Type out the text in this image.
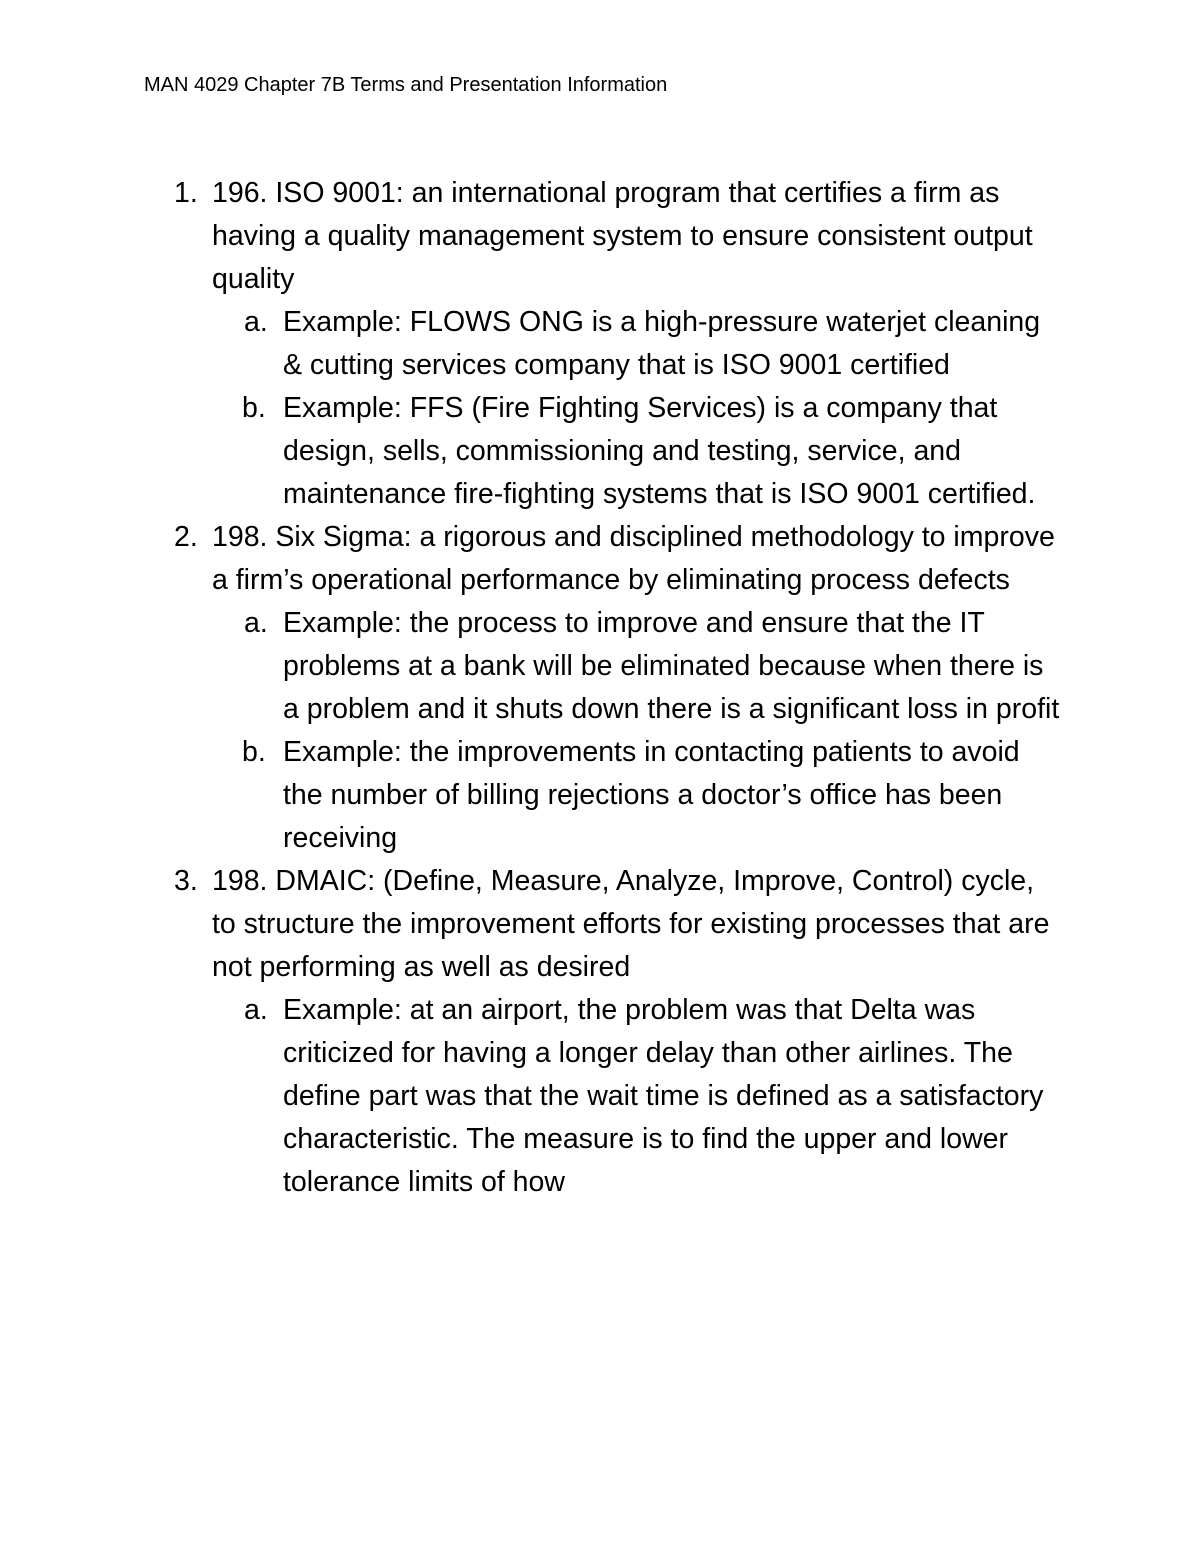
MAN 4029 Chapter 7B Terms and Presentation Information
1. 196. ISO 9001: an international program that certifies a firm as having a quality management system to ensure consistent output quality
a. Example: FLOWS ONG is a high-pressure waterjet cleaning & cutting services company that is ISO 9001 certified
b. Example: FFS (Fire Fighting Services) is a company that design, sells, commissioning and testing, service, and maintenance fire-fighting systems that is ISO 9001 certified.
2. 198. Six Sigma: a rigorous and disciplined methodology to improve a firm’s operational performance by eliminating process defects
a. Example: the process to improve and ensure that the IT problems at a bank will be eliminated because when there is a problem and it shuts down there is a significant loss in profit
b. Example: the improvements in contacting patients to avoid the number of billing rejections a doctor’s office has been receiving
3. 198. DMAIC: (Define, Measure, Analyze, Improve, Control) cycle, to structure the improvement efforts for existing processes that are not performing as well as desired
a. Example: at an airport, the problem was that Delta was criticized for having a longer delay than other airlines. The define part was that the wait time is defined as a satisfactory characteristic. The measure is to find the upper and lower tolerance limits of how
